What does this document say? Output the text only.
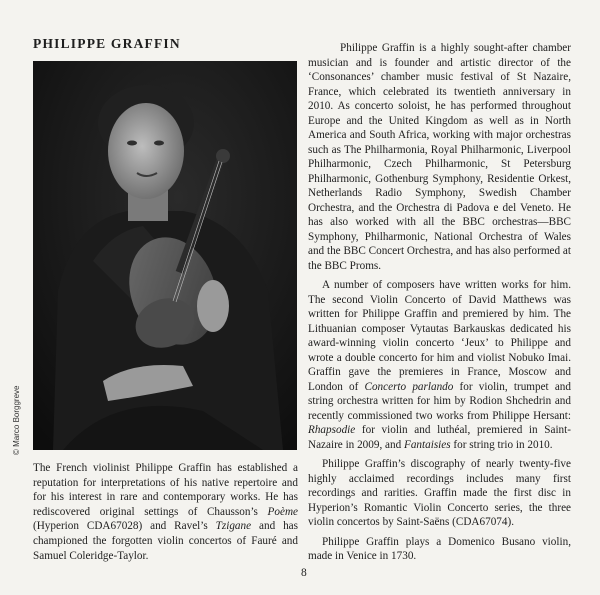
PHILIPPE GRAFFIN
© Marco Borggreve

The French violinist Philippe Graffin has established a reputation for interpretations of his native repertoire and for his interest in rare and contemporary works. He has rediscovered original settings of Chausson’s Poème (Hyperion CDA67028) and Ravel’s Tzigane and has championed the forgotten violin concertos of Fauré and Samuel Coleridge-Taylor.

Philippe Graffin is a highly sought-after chamber musician and is founder and artistic director of the ‘Consonances’ chamber music festival of St Nazaire, France, which celebrated its twentieth anniversary in 2010. As concerto soloist, he has performed throughout Europe and the United Kingdom as well as in North America and South Africa, working with major orchestras such as The Philharmonia, Royal Philharmonic, Liverpool Philharmonic, Czech Philharmonic, St Petersburg Philharmonic, Gothenburg Symphony, Residentie Orkest, Netherlands Radio Symphony, Swedish Chamber Orchestra, and the Orchestra di Padova e del Veneto. He has also worked with all the BBC orchestras—BBC Symphony, Philharmonic, National Orchestra of Wales and the BBC Concert Orchestra, and has also performed at the BBC Proms.

A number of composers have written works for him. The second Violin Concerto of David Matthews was written for Philippe Graffin and premiered by him. The Lithuanian composer Vytautas Barkauskas dedicated his award-winning violin concerto ‘Jeux’ to Philippe and wrote a double concerto for him and violist Nobuko Imai. Graffin gave the premieres in France, Moscow and London of Concerto parlando for violin, trumpet and string orchestra written for him by Rodion Shchedrin and recently commissioned two works from Philippe Hersant: Rhapsodie for violin and luthéal, premiered in Saint-Nazaire in 2009, and Fantaisies for string trio in 2010.

Philippe Graffin’s discography of nearly twenty-five highly acclaimed recordings includes many first recordings and rarities. Graffin made the first disc in Hyperion’s Romantic Violin Concerto series, the three violin concertos by Saint-Saëns (CDA67074).

Philippe Graffin plays a Domenico Busano violin, made in Venice in 1730.

8
